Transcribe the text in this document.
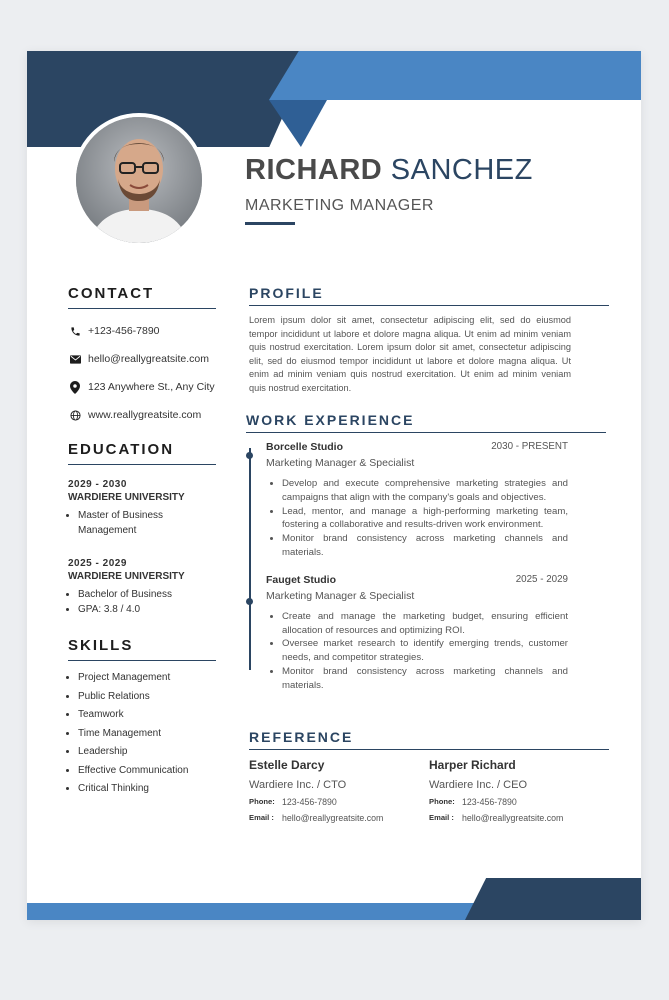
RICHARD SANCHEZ
MARKETING MANAGER
CONTACT
+123-456-7890
hello@reallygreatsite.com
123 Anywhere St., Any City
www.reallygreatsite.com
EDUCATION
2029 - 2030
WARDIERE UNIVERSITY
• Master of Business Management
2025 - 2029
WARDIERE UNIVERSITY
• Bachelor of Business
• GPA: 3.8 / 4.0
SKILLS
• Project Management
• Public Relations
• Teamwork
• Time Management
• Leadership
• Effective Communication
• Critical Thinking
PROFILE
Lorem ipsum dolor sit amet, consectetur adipiscing elit, sed do eiusmod tempor incididunt ut labore et dolore magna aliqua. Ut enim ad minim veniam quis nostrud exercitation. Lorem ipsum dolor sit amet, consectetur adipiscing elit, sed do eiusmod tempor incididunt ut labore et dolore magna aliqua. Ut enim ad minim veniam quis nostrud exercitation. Ut enim ad minim veniam quis nostrud exercitation.
WORK EXPERIENCE
Borcelle Studio	2030 - PRESENT
Marketing Manager & Specialist
• Develop and execute comprehensive marketing strategies and campaigns that align with the company's goals and objectives.
• Lead, mentor, and manage a high-performing marketing team, fostering a collaborative and results-driven work environment.
• Monitor brand consistency across marketing channels and materials.
Fauget Studio	2025 - 2029
Marketing Manager & Specialist
• Create and manage the marketing budget, ensuring efficient allocation of resources and optimizing ROI.
• Oversee market research to identify emerging trends, customer needs, and competitor strategies.
• Monitor brand consistency across marketing channels and materials.
REFERENCE
Estelle Darcy
Wardiere Inc. / CTO
Phone: 123-456-7890
Email : hello@reallygreatsite.com
Harper Richard
Wardiere Inc. / CEO
Phone: 123-456-7890
Email : hello@reallygreatsite.com
